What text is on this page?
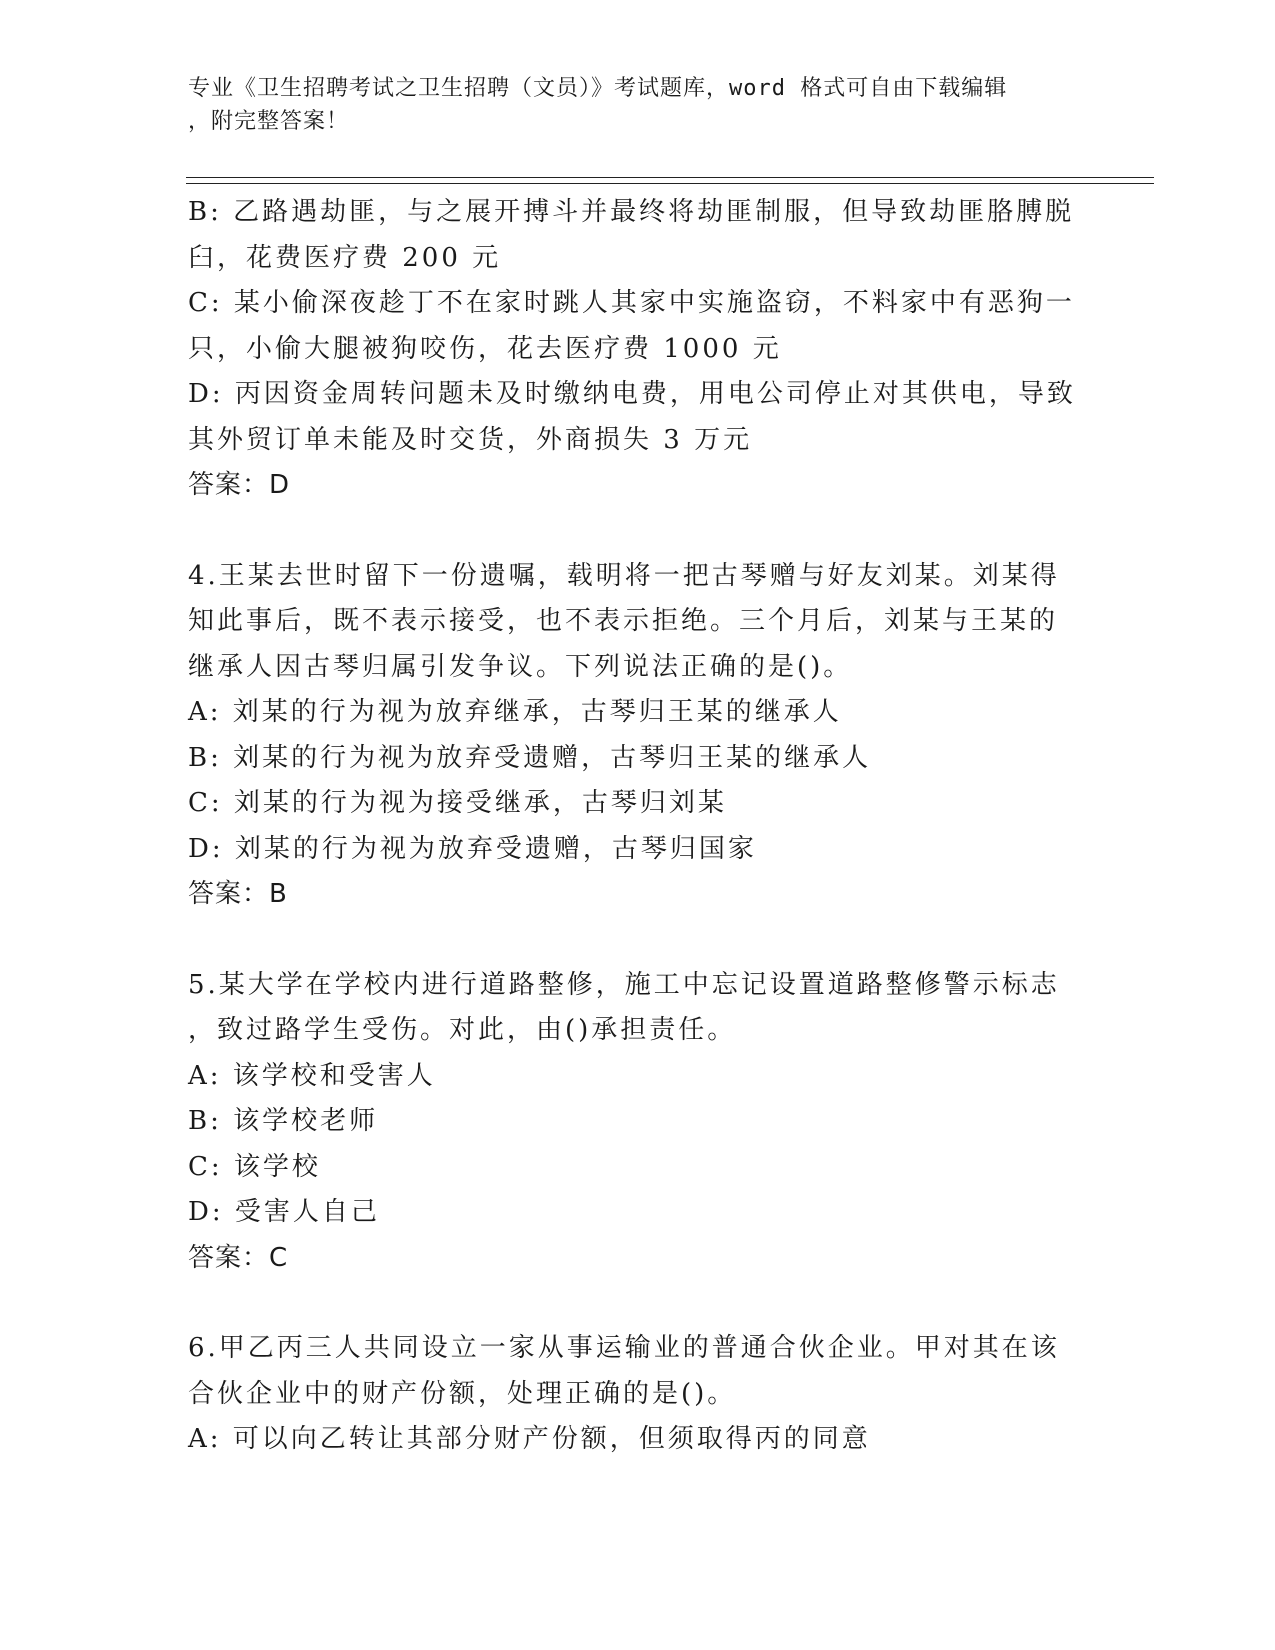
专业《卫生招聘考试之卫生招聘（文员）》考试题库，word 格式可自由下载编辑
，附完整答案！

B: 乙路遇劫匪，与之展开搏斗并最终将劫匪制服，但导致劫匪胳膊脱

臼，花费医疗费 200 元

C: 某小偷深夜趁丁不在家时跳人其家中实施盗窃，不料家中有恶狗一

只，小偷大腿被狗咬伤，花去医疗费 1000 元

D: 丙因资金周转问题未及时缴纳电费，用电公司停止对其供电，导致

其外贸订单未能及时交货，外商损失 3 万元

答案：D

4.王某去世时留下一份遗嘱，载明将一把古琴赠与好友刘某。刘某得

知此事后，既不表示接受，也不表示拒绝。三个月后，刘某与王某的

继承人因古琴归属引发争议。下列说法正确的是()。

A: 刘某的行为视为放弃继承，古琴归王某的继承人

B: 刘某的行为视为放弃受遗赠，古琴归王某的继承人

C: 刘某的行为视为接受继承，古琴归刘某

D: 刘某的行为视为放弃受遗赠，古琴归国家

答案：B

5.某大学在学校内进行道路整修，施工中忘记设置道路整修警示标志

，致过路学生受伤。对此，由()承担责任。

A: 该学校和受害人

B: 该学校老师

C: 该学校

D: 受害人自己

答案：C

6.甲乙丙三人共同设立一家从事运输业的普通合伙企业。甲对其在该

合伙企业中的财产份额，处理正确的是()。

A: 可以向乙转让其部分财产份额，但须取得丙的同意
